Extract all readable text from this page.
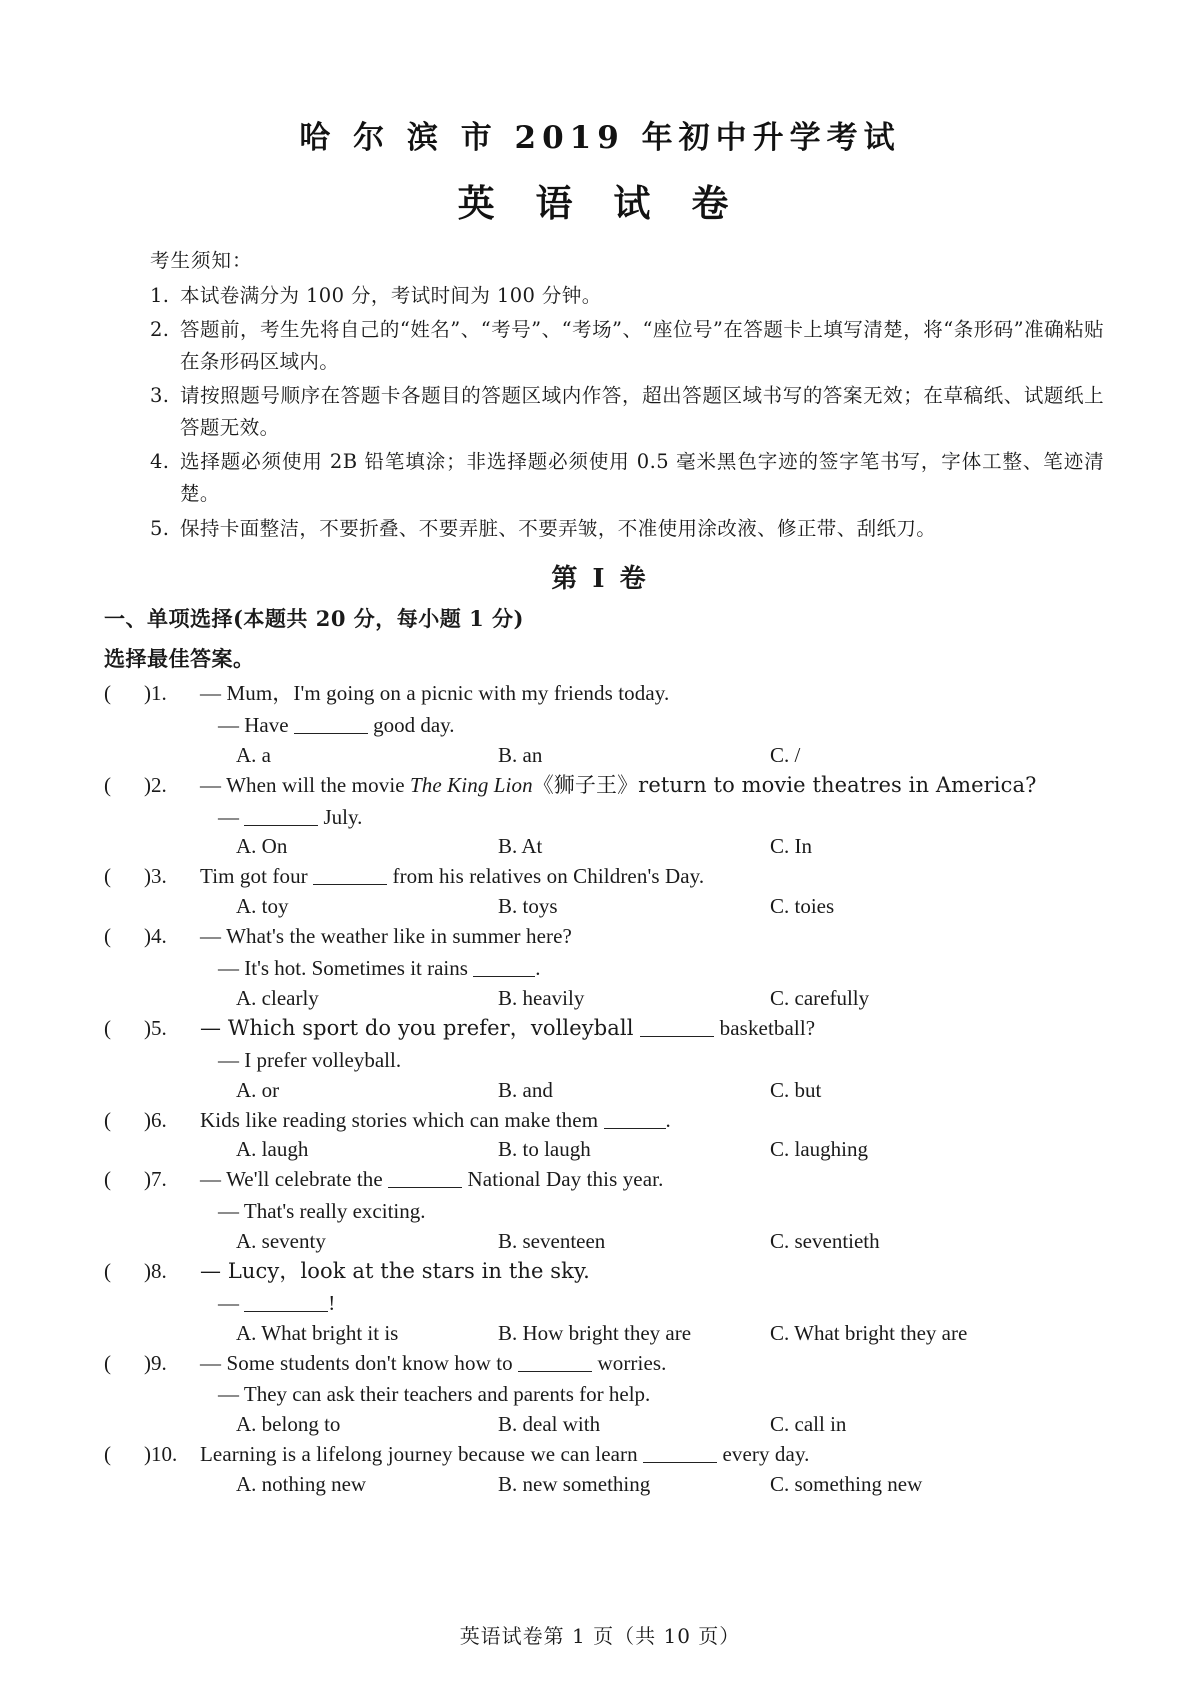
哈 尔 滨 市 2019 年初中升学考试
英 语 试 卷
考生须知：
1. 本试卷满分为 100 分，考试时间为 100 分钟。
2. 答题前，考生先将自己的“姓名”、“考号”、“考场”、“座位号”在答题卡上填写清楚，将“条形码”准确粘贴在条形码区域内。
3. 请按照题号顺序在答题卡各题目的答题区域内作答，超出答题区域书写的答案无效；在草稿纸、试题纸上答题无效。
4. 选择题必须使用 2B 铅笔填涂；非选择题必须使用 0.5 毫米黑色字迹的签字笔书写，字体工整、笔迹清楚。
5. 保持卡面整洁，不要折叠、不要弄脏、不要弄皱，不准使用涂改液、修正带、刮纸刀。
第 I 卷
一、单项选择(本题共 20 分，每小题 1 分)
选择最佳答案。
(	)1.	— Mum，I'm going on a picnic with my friends today.
— Have	good day.
A. a	B. an	C. /
(	)2.	— When will the movie The King Lion《狮子王》return to movie theatres in America?
—	July.
A. On	B. At	C. In
(	)3.	Tim got four	from his relatives on Children's Day.
A. toy	B. toys	C. toies
(	)4.	— What's the weather like in summer here?
— It's hot. Sometimes it rains	.
A. clearly	B. heavily	C. carefully
(	)5.	— Which sport do you prefer，volleyball	basketball?
— I prefer volleyball.
A. or	B. and	C. but
(	)6.	Kids like reading stories which can make them	.
A. laugh	B. to laugh	C. laughing
(	)7.	— We'll celebrate the	National Day this year.
— That's really exciting.
A. seventy	B. seventeen	C. seventieth
(	)8.	— Lucy，look at the stars in the sky.
—	!
A. What bright it is	B. How bright they are	C. What bright they are
(	)9.	— Some students don't know how to	worries.
— They can ask their teachers and parents for help.
A. belong to	B. deal with	C. call in
(	)10.	Learning is a lifelong journey because we can learn	every day.
A. nothing new	B. new something	C. something new
英语试卷第 1 页（共 10 页）
